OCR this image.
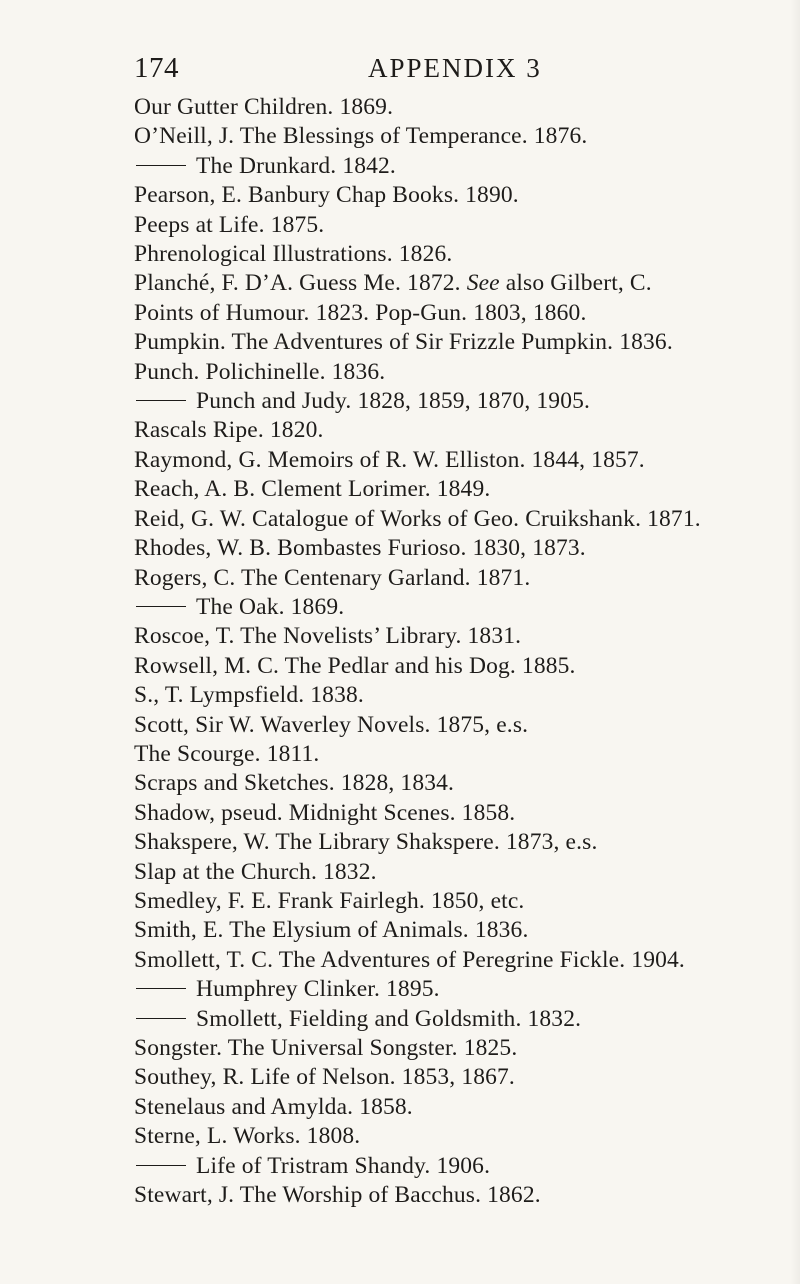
174	APPENDIX 3
Our Gutter Children. 1869.
O’Neill, J. The Blessings of Temperance. 1876.
The Drunkard. 1842.
Pearson, E. Banbury Chap Books. 1890.
Peeps at Life. 1875.
Phrenological Illustrations. 1826.
Planché, F. D’A. Guess Me. 1872. See also Gilbert, C.
Points of Humour. 1823. Pop-Gun. 1803, 1860.
Pumpkin. The Adventures of Sir Frizzle Pumpkin. 1836.
Punch. Polichinelle. 1836.
Punch and Judy. 1828, 1859, 1870, 1905.
Rascals Ripe. 1820.
Raymond, G. Memoirs of R. W. Elliston. 1844, 1857.
Reach, A. B. Clement Lorimer. 1849.
Reid, G. W. Catalogue of Works of Geo. Cruikshank. 1871.
Rhodes, W. B. Bombastes Furioso. 1830, 1873.
Rogers, C. The Centenary Garland. 1871.
The Oak. 1869.
Roscoe, T. The Novelists’ Library. 1831.
Rowsell, M. C. The Pedlar and his Dog. 1885.
S., T. Lympsfield. 1838.
Scott, Sir W. Waverley Novels. 1875, e.s.
The Scourge. 1811.
Scraps and Sketches. 1828, 1834.
Shadow, pseud. Midnight Scenes. 1858.
Shakspere, W. The Library Shakspere. 1873, e.s.
Slap at the Church. 1832.
Smedley, F. E. Frank Fairlegh. 1850, etc.
Smith, E. The Elysium of Animals. 1836.
Smollett, T. C. The Adventures of Peregrine Fickle. 1904.
Humphrey Clinker. 1895.
Smollett, Fielding and Goldsmith. 1832.
Songster. The Universal Songster. 1825.
Southey, R. Life of Nelson. 1853, 1867.
Stenelaus and Amylda. 1858.
Sterne, L. Works. 1808.
Life of Tristram Shandy. 1906.
Stewart, J. The Worship of Bacchus. 1862.
